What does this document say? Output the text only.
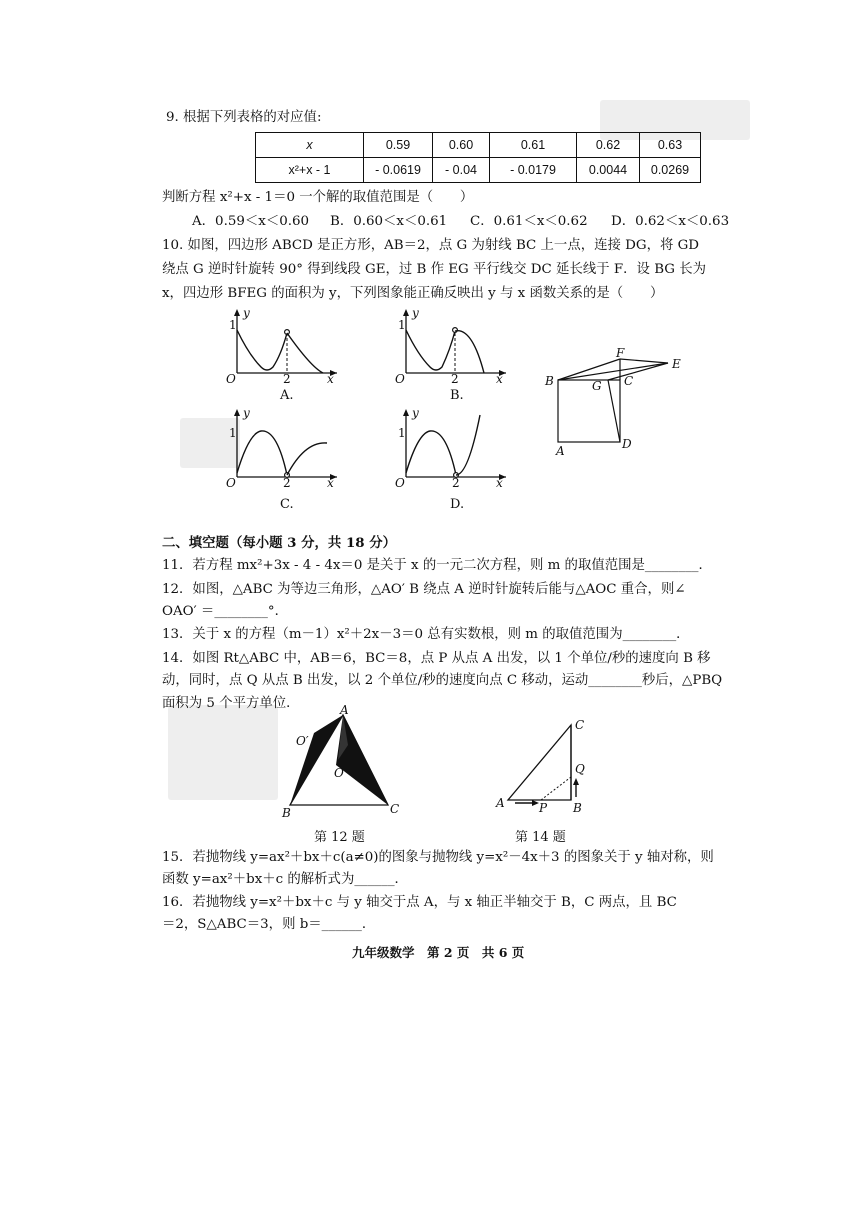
9. 根据下列表格的对应值:
x	0.59	0.60	0.61	0.62	0.63
x²+x - 1	- 0.0619	- 0.04	- 0.0179	0.0044	0.0269
判断方程 x²+x - 1＝0 一个解的取值范围是（　　）
A．0.59＜x＜0.60 B．0.60＜x＜0.61 C．0.61＜x＜0.62 D．0.62＜x＜0.63
10. 如图，四边形 ABCD 是正方形，AB＝2，点 G 为射线 BC 上一点，连接 DG，将 GD
绕点 G 逆时针旋转 90° 得到线段 GE，过 B 作 EG 平行线交 DC 延长线于 F．设 BG 长为
x，四边形 BFEG 的面积为 y，下列图象能正确反映出 y 与 x 函数关系的是（　　）
y
1
O	2	x
A.
y
1
O	2	x
B.
y
1
O	2	x
C.
y
1
O	2	x
D.
B
A
C
D
F
E
G
二、填空题（每小题 3 分，共 18 分）
11．若方程 mx²+3x - 4 - 4x＝0 是关于 x 的一元二次方程，则 m 的取值范围是________．
12．如图，△ABC 为等边三角形，△AO′ B 绕点 A 逆时针旋转后能与△AOC 重合，则∠
OAO′ ＝________°．
13．关于 x 的方程（m－1）x²＋2x－3＝0 总有实数根，则 m 的取值范围为________．
14．如图 Rt△ABC 中，AB＝6，BC＝8，点 P 从点 A 出发，以 1 个单位/秒的速度向 B 移
动，同时，点 Q 从点 B 出发，以 2 个单位/秒的速度向点 C 移动，运动________秒后，△PBQ
面积为 5 个平方单位．	A
O′
O
B	C
第 12 题
A	P B
C
Q
第 14 题
15．若抛物线 y=ax²＋bx＋c(a≠0)的图象与抛物线 y=x²－4x＋3 的图象关于 y 轴对称，则
函数 y=ax²＋bx＋c 的解析式为______．
16．若抛物线 y=x²＋bx＋c 与 y 轴交于点 A，与 x 轴正半轴交于 B，C 两点，且 BC
＝2，S△ABC＝3，则 b＝______．
九年级数学　第 2 页　共 6 页
